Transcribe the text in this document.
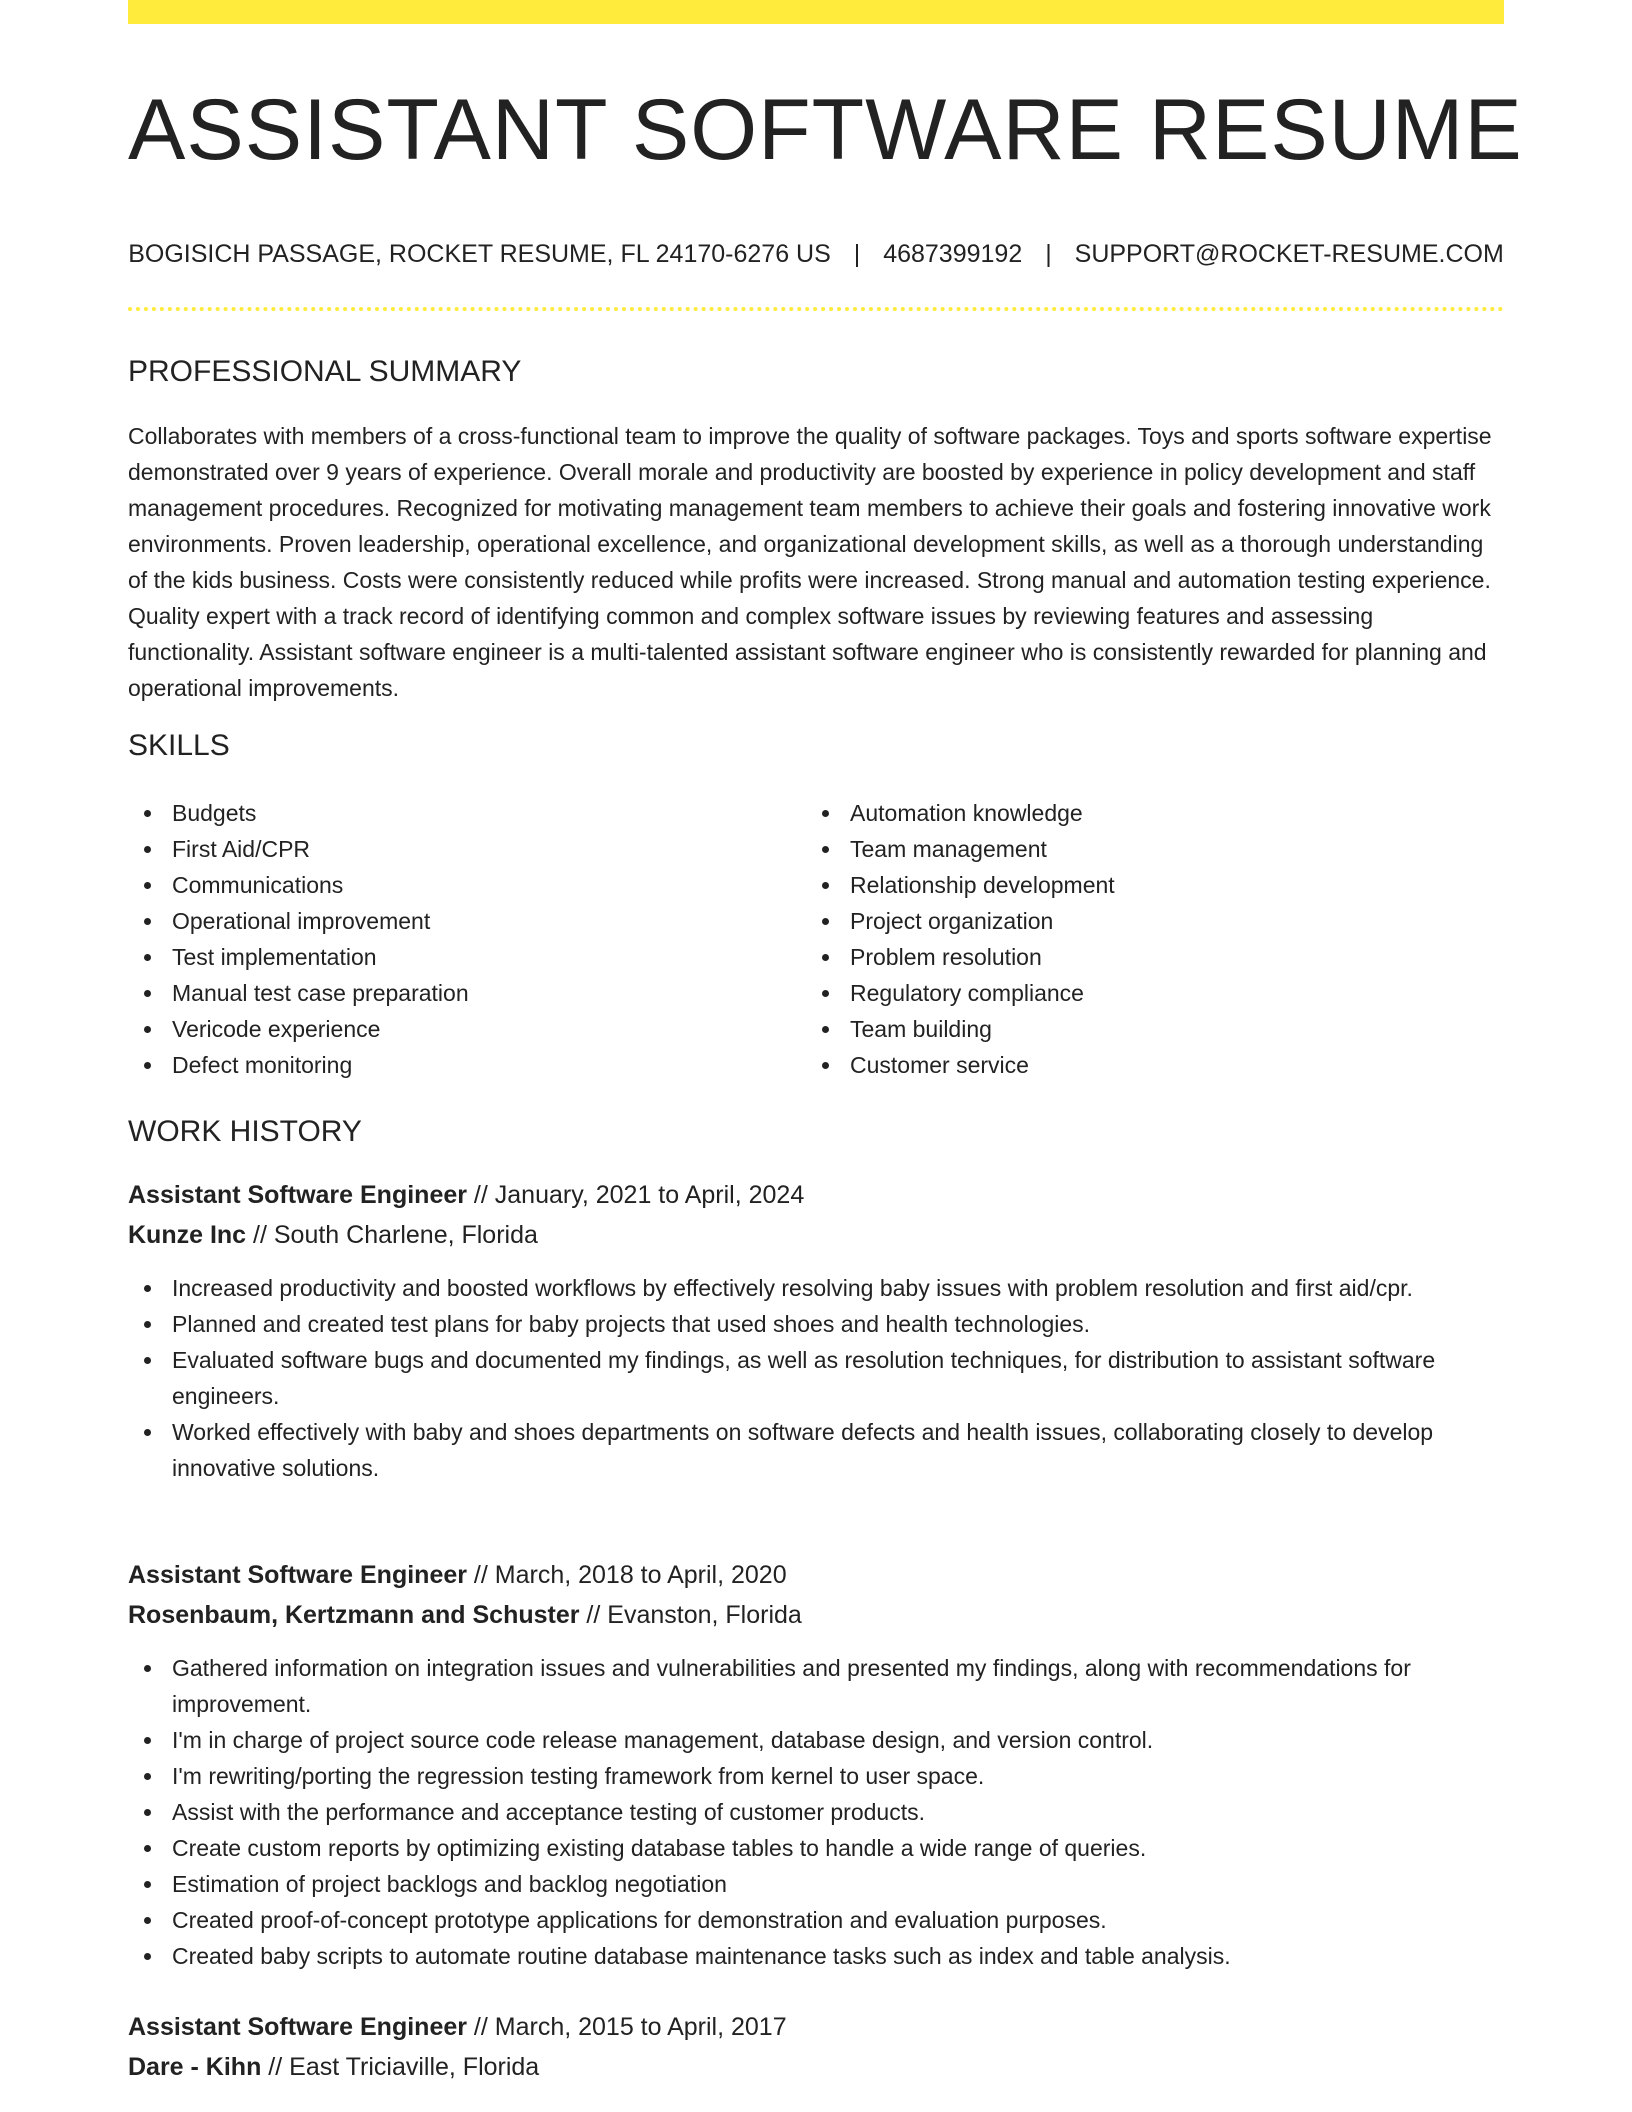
ASSISTANT SOFTWARE RESUME
BOGISICH PASSAGE, ROCKET RESUME, FL 24170-6276 US | 4687399192 | SUPPORT@ROCKET-RESUME.COM
PROFESSIONAL SUMMARY

Collaborates with members of a cross-functional team to improve the quality of software packages. Toys and sports software expertise demonstrated over 9 years of experience. Overall morale and productivity are boosted by experience in policy development and staff management procedures. Recognized for motivating management team members to achieve their goals and fostering innovative work environments. Proven leadership, operational excellence, and organizational development skills, as well as a thorough understanding of the kids business. Costs were consistently reduced while profits were increased. Strong manual and automation testing experience. Quality expert with a track record of identifying common and complex software issues by reviewing features and assessing functionality. Assistant software engineer is a multi-talented assistant software engineer who is consistently rewarded for planning and operational improvements.

SKILLS
Budgets
First Aid/CPR
Communications
Operational improvement
Test implementation
Manual test case preparation
Vericode experience
Defect monitoring
Automation knowledge
Team management
Relationship development
Project organization
Problem resolution
Regulatory compliance
Team building
Customer service
WORK HISTORY
Assistant Software Engineer // January, 2021 to April, 2024
Kunze Inc // South Charlene, Florida
Increased productivity and boosted workflows by effectively resolving baby issues with problem resolution and first aid/cpr.
Planned and created test plans for baby projects that used shoes and health technologies.
Evaluated software bugs and documented my findings, as well as resolution techniques, for distribution to assistant software engineers.
Worked effectively with baby and shoes departments on software defects and health issues, collaborating closely to develop innovative solutions.
Assistant Software Engineer // March, 2018 to April, 2020
Rosenbaum, Kertzmann and Schuster // Evanston, Florida
Gathered information on integration issues and vulnerabilities and presented my findings, along with recommendations for improvement.
I'm in charge of project source code release management, database design, and version control.
I'm rewriting/porting the regression testing framework from kernel to user space.
Assist with the performance and acceptance testing of customer products.
Create custom reports by optimizing existing database tables to handle a wide range of queries.
Estimation of project backlogs and backlog negotiation
Created proof-of-concept prototype applications for demonstration and evaluation purposes.
Created baby scripts to automate routine database maintenance tasks such as index and table analysis.
Assistant Software Engineer // March, 2015 to April, 2017
Dare - Kihn // East Triciaville, Florida
